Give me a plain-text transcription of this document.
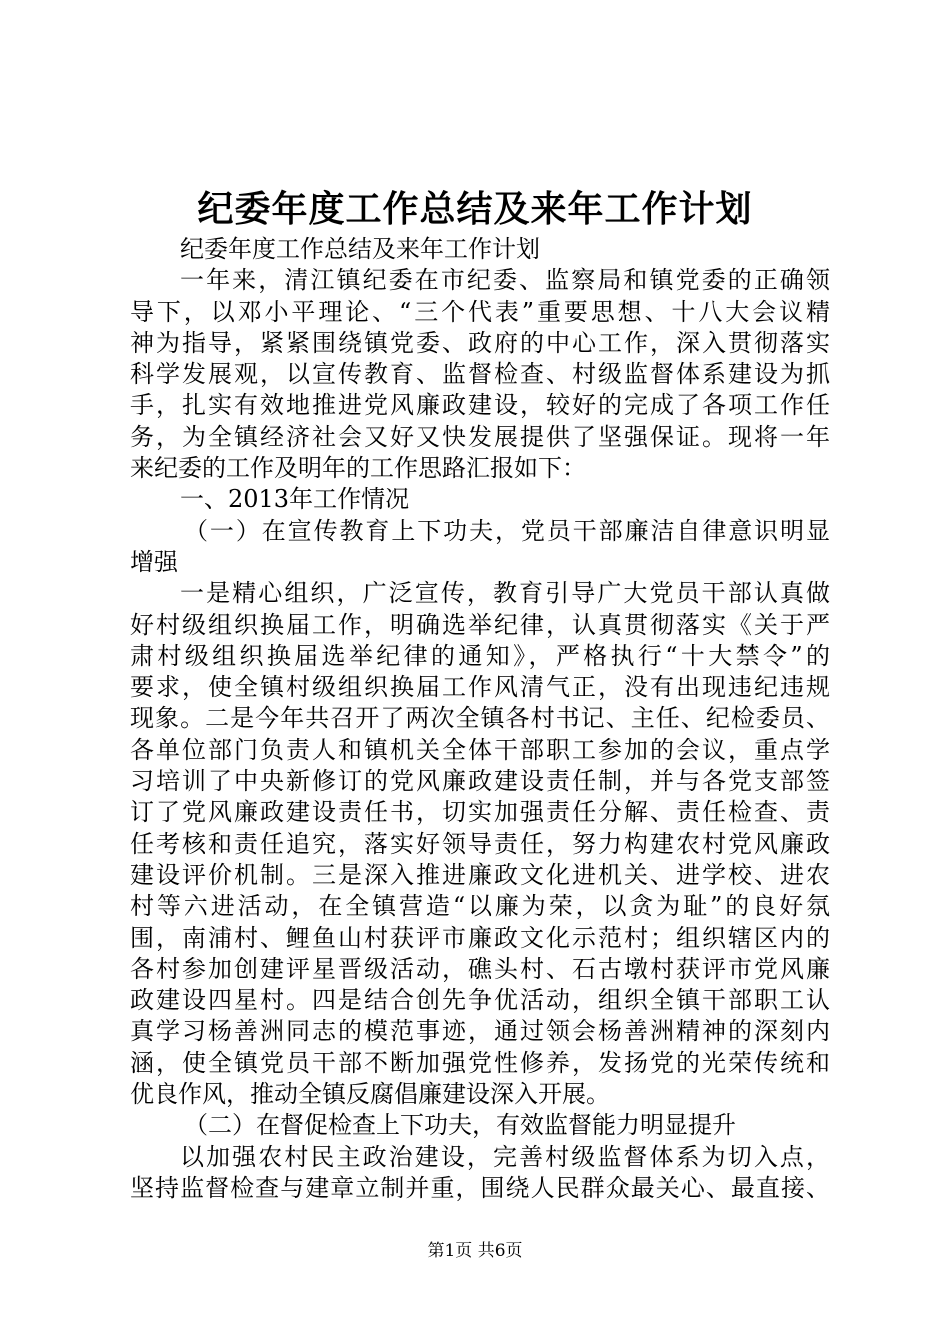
纪委年度工作总结及来年工作计划
纪委年度工作总结及来年工作计划
一年来，清江镇纪委在市纪委、监察局和镇党委的正确领
导下，以邓小平理论、“三个代表”重要思想、十八大会议精
神为指导，紧紧围绕镇党委、政府的中心工作，深入贯彻落实
科学发展观，以宣传教育、监督检查、村级监督体系建设为抓
手，扎实有效地推进党风廉政建设，较好的完成了各项工作任
务，为全镇经济社会又好又快发展提供了坚强保证。现将一年
来纪委的工作及明年的工作思路汇报如下：
一、2013年工作情况
（一）在宣传教育上下功夫，党员干部廉洁自律意识明显
增强
一是精心组织，广泛宣传，教育引导广大党员干部认真做
好村级组织换届工作，明确选举纪律，认真贯彻落实《关于严
肃村级组织换届选举纪律的通知》，严格执行“十大禁令”的
要求，使全镇村级组织换届工作风清气正，没有出现违纪违规
现象。二是今年共召开了两次全镇各村书记、主任、纪检委员、
各单位部门负责人和镇机关全体干部职工参加的会议，重点学
习培训了中央新修订的党风廉政建设责任制，并与各党支部签
订了党风廉政建设责任书，切实加强责任分解、责任检查、责
任考核和责任追究，落实好领导责任，努力构建农村党风廉政
建设评价机制。三是深入推进廉政文化进机关、进学校、进农
村等六进活动，在全镇营造“以廉为荣，以贪为耻”的良好氛
围，南浦村、鲤鱼山村获评市廉政文化示范村；组织辖区内的
各村参加创建评星晋级活动，礁头村、石古墩村获评市党风廉
政建设四星村。四是结合创先争优活动，组织全镇干部职工认
真学习杨善洲同志的模范事迹，通过领会杨善洲精神的深刻内
涵，使全镇党员干部不断加强党性修养，发扬党的光荣传统和
优良作风，推动全镇反腐倡廉建设深入开展。
（二）在督促检查上下功夫，有效监督能力明显提升
以加强农村民主政治建设，完善村级监督体系为切入点，
坚持监督检查与建章立制并重，围绕人民群众最关心、最直接、
第1页 共6页
